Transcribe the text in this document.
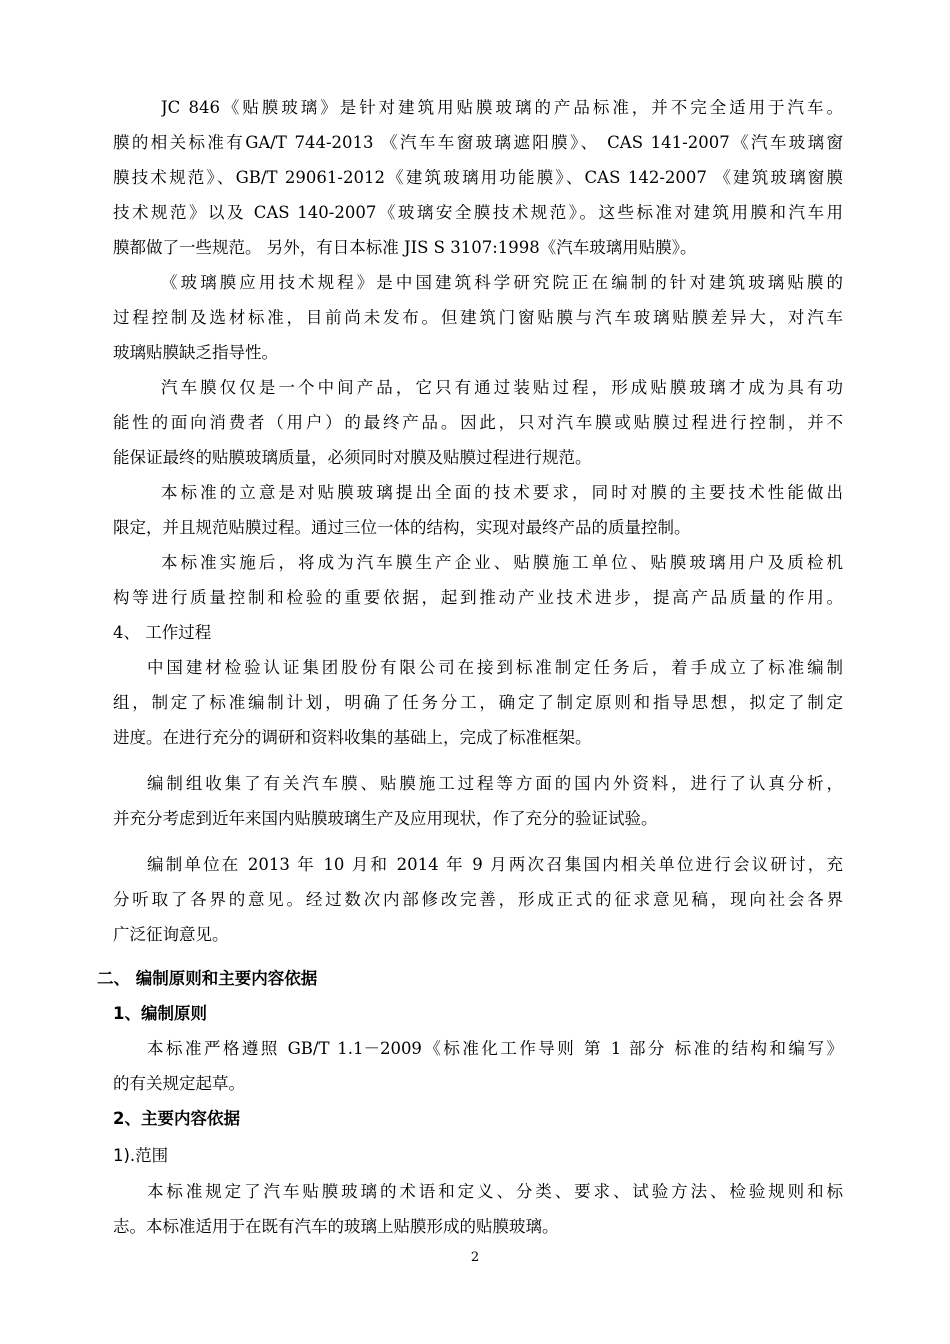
JC 846《贴膜玻璃》是针对建筑用贴膜玻璃的产品标准，并不完全适用于汽车。
膜的相关标准有GA/T 744-2013 《汽车车窗玻璃遮阳膜》、 CAS 141-2007《汽车玻璃窗
膜技术规范》、GB/T 29061-2012《建筑玻璃用功能膜》、CAS 142-2007 《建筑玻璃窗膜
技术规范》以及 CAS 140-2007《玻璃安全膜技术规范》。这些标准对建筑用膜和汽车用
膜都做了一些规范。 另外，有日本标准 JIS S 3107:1998《汽车玻璃用贴膜》。
《玻璃膜应用技术规程》是中国建筑科学研究院正在编制的针对建筑玻璃贴膜的
过程控制及选材标准，目前尚未发布。但建筑门窗贴膜与汽车玻璃贴膜差异大，对汽车
玻璃贴膜缺乏指导性。
汽车膜仅仅是一个中间产品，它只有通过装贴过程，形成贴膜玻璃才成为具有功
能性的面向消费者（用户）的最终产品。因此，只对汽车膜或贴膜过程进行控制，并不
能保证最终的贴膜玻璃质量，必须同时对膜及贴膜过程进行规范。
本标准的立意是对贴膜玻璃提出全面的技术要求，同时对膜的主要技术性能做出
限定，并且规范贴膜过程。通过三位一体的结构，实现对最终产品的质量控制。
本标准实施后，将成为汽车膜生产企业、贴膜施工单位、贴膜玻璃用户及质检机
构等进行质量控制和检验的重要依据，起到推动产业技术进步，提高产品质量的作用。
4、 工作过程
中国建材检验认证集团股份有限公司在接到标准制定任务后，着手成立了标准编制
组，制定了标准编制计划，明确了任务分工，确定了制定原则和指导思想，拟定了制定
进度。在进行充分的调研和资料收集的基础上，完成了标准框架。
编制组收集了有关汽车膜、贴膜施工过程等方面的国内外资料，进行了认真分析，
并充分考虑到近年来国内贴膜玻璃生产及应用现状，作了充分的验证试验。
编制单位在 2013 年 10 月和 2014 年 9 月两次召集国内相关单位进行会议研讨，充
分听取了各界的意见。经过数次内部修改完善，形成正式的征求意见稿，现向社会各界
广泛征询意见。
二、 编制原则和主要内容依据
1、编制原则
本标准严格遵照 GB/T 1.1－2009《标准化工作导则 第 1 部分 标准的结构和编写》
的有关规定起草。
2、主要内容依据
1).范围
本标准规定了汽车贴膜玻璃的术语和定义、分类、要求、试验方法、检验规则和标
志。本标准适用于在既有汽车的玻璃上贴膜形成的贴膜玻璃。
2
